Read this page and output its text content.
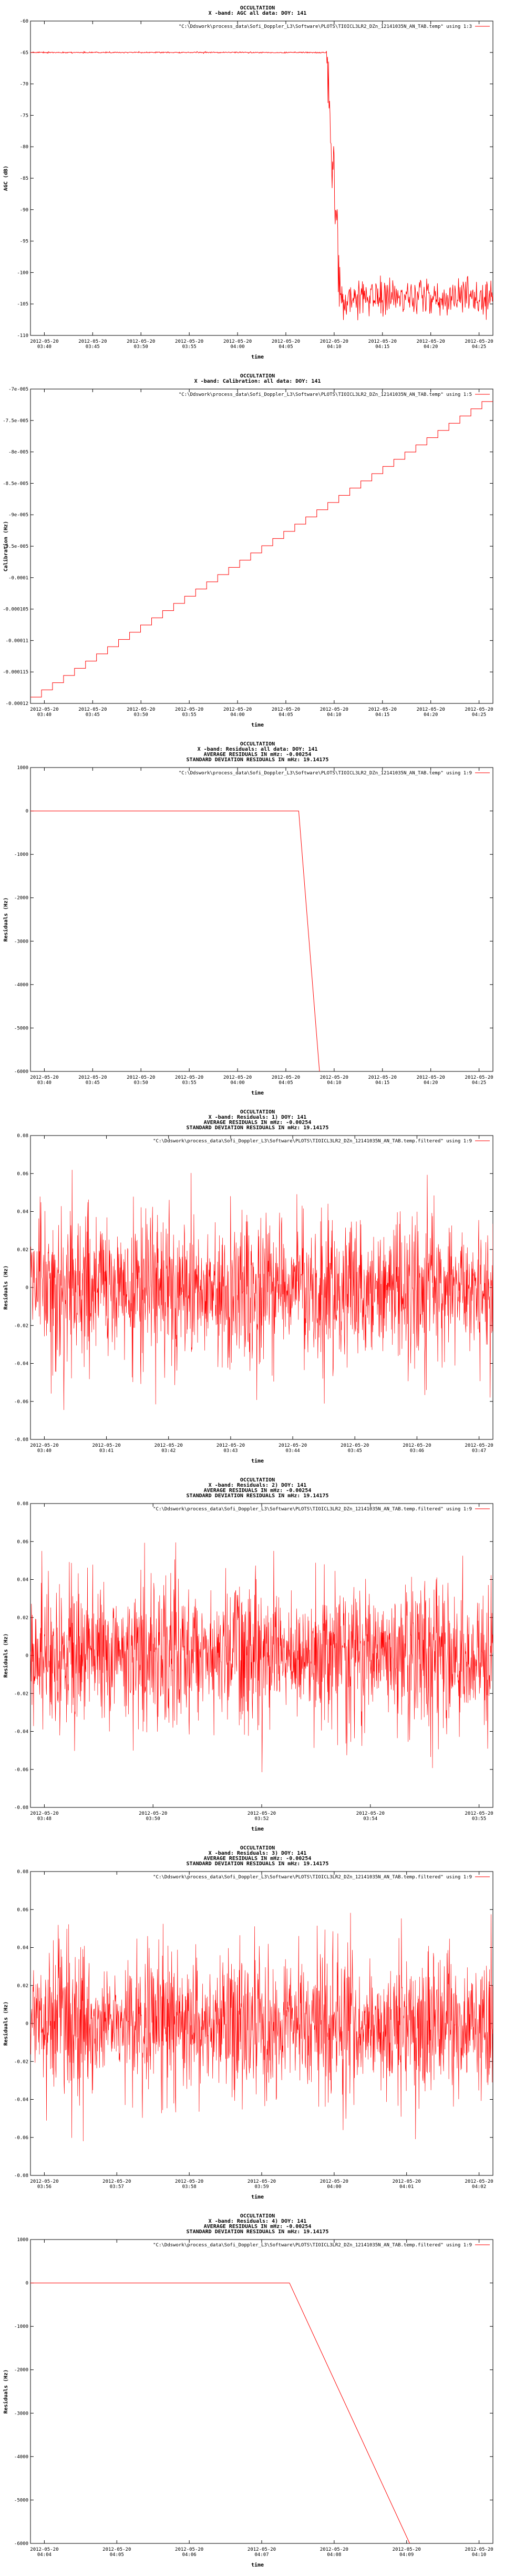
OCCULTATION
X -band: AGC all data: DOY: 141
-60
-65
-70
-75
-80
-85
-90
-95
-100
-105
-110
2012-05-20
03:40
2012-05-20
03:45
2012-05-20
03:50
2012-05-20
03:55
2012-05-20
04:00
2012-05-20
04:05
2012-05-20
04:10
2012-05-20
04:15
2012-05-20
04:20
2012-05-20
04:25
time
AGC (dB)
"C:\Ddswork\process_data\Sofi_Doppler_L3\Software\PLOTS\TIOICL3LR2_DZn_12141035N_AN_TAB.temp" using 1:3
OCCULTATION
X -band: Calibration: all data: DOY: 141
-7e-005
-7.5e-005
-8e-005
-8.5e-005
-9e-005
-9.5e-005
-0.0001
-0.000105
-0.00011
-0.000115
-0.00012
2012-05-20
03:40
2012-05-20
03:45
2012-05-20
03:50
2012-05-20
03:55
2012-05-20
04:00
2012-05-20
04:05
2012-05-20
04:10
2012-05-20
04:15
2012-05-20
04:20
2012-05-20
04:25
time
Calibration (Hz)
"C:\Ddswork\process_data\Sofi_Doppler_L3\Software\PLOTS\TIOICL3LR2_DZn_12141035N_AN_TAB.temp" using 1:5
OCCULTATION
X -band: Residuals: all data: DOY: 141
AVERAGE RESIDUALS IN mHz: -0.00254
STANDARD DEVIATION RESIDUALS IN mHz: 19.14175
1000
0
-1000
-2000
-3000
-4000
-5000
-6000
2012-05-20
03:40
2012-05-20
03:45
2012-05-20
03:50
2012-05-20
03:55
2012-05-20
04:00
2012-05-20
04:05
2012-05-20
04:10
2012-05-20
04:15
2012-05-20
04:20
2012-05-20
04:25
time
Residuals (Hz)
"C:\Ddswork\process_data\Sofi_Doppler_L3\Software\PLOTS\TIOICL3LR2_DZn_12141035N_AN_TAB.temp" using 1:9
OCCULTATION
X -band: Residuals: 1) DOY: 141
AVERAGE RESIDUALS IN mHz: -0.00254
STANDARD DEVIATION RESIDUALS IN mHz: 19.14175
0.08
0.06
0.04
0.02
0
-0.02
-0.04
-0.06
-0.08
2012-05-20
03:40
2012-05-20
03:41
2012-05-20
03:42
2012-05-20
03:43
2012-05-20
03:44
2012-05-20
03:45
2012-05-20
03:46
2012-05-20
03:47
time
Residuals (Hz)
"C:\Ddswork\process_data\Sofi_Doppler_L3\Software\PLOTS\TIOICL3LR2_DZn_12141035N_AN_TAB.temp.filtered" using 1:9
OCCULTATION
X -band: Residuals: 2) DOY: 141
AVERAGE RESIDUALS IN mHz: -0.00254
STANDARD DEVIATION RESIDUALS IN mHz: 19.14175
0.08
0.06
0.04
0.02
0
-0.02
-0.04
-0.06
-0.08
2012-05-20
03:48
2012-05-20
03:50
2012-05-20
03:52
2012-05-20
03:54
2012-05-20
03:55
time
Residuals (Hz)
"C:\Ddswork\process_data\Sofi_Doppler_L3\Software\PLOTS\TIOICL3LR2_DZn_12141035N_AN_TAB.temp.filtered" using 1:9
OCCULTATION
X -band: Residuals: 3) DOY: 141
AVERAGE RESIDUALS IN mHz: -0.00254
STANDARD DEVIATION RESIDUALS IN mHz: 19.14175
0.08
0.06
0.04
0.02
0
-0.02
-0.04
-0.06
-0.08
2012-05-20
03:56
2012-05-20
03:57
2012-05-20
03:58
2012-05-20
03:59
2012-05-20
04:00
2012-05-20
04:01
2012-05-20
04:02
time
Residuals (Hz)
"C:\Ddswork\process_data\Sofi_Doppler_L3\Software\PLOTS\TIOICL3LR2_DZn_12141035N_AN_TAB.temp.filtered" using 1:9
OCCULTATION
X -band: Residuals: 4) DOY: 141
AVERAGE RESIDUALS IN mHz: -0.00254
STANDARD DEVIATION RESIDUALS IN mHz: 19.14175
1000
0
-1000
-2000
-3000
-4000
-5000
-6000
2012-05-20
04:04
2012-05-20
04:05
2012-05-20
04:06
2012-05-20
04:07
2012-05-20
04:08
2012-05-20
04:09
2012-05-20
04:10
time
Residuals (Hz)
"C:\Ddswork\process_data\Sofi_Doppler_L3\Software\PLOTS\TIOICL3LR2_DZn_12141035N_AN_TAB.temp.filtered" using 1:9
